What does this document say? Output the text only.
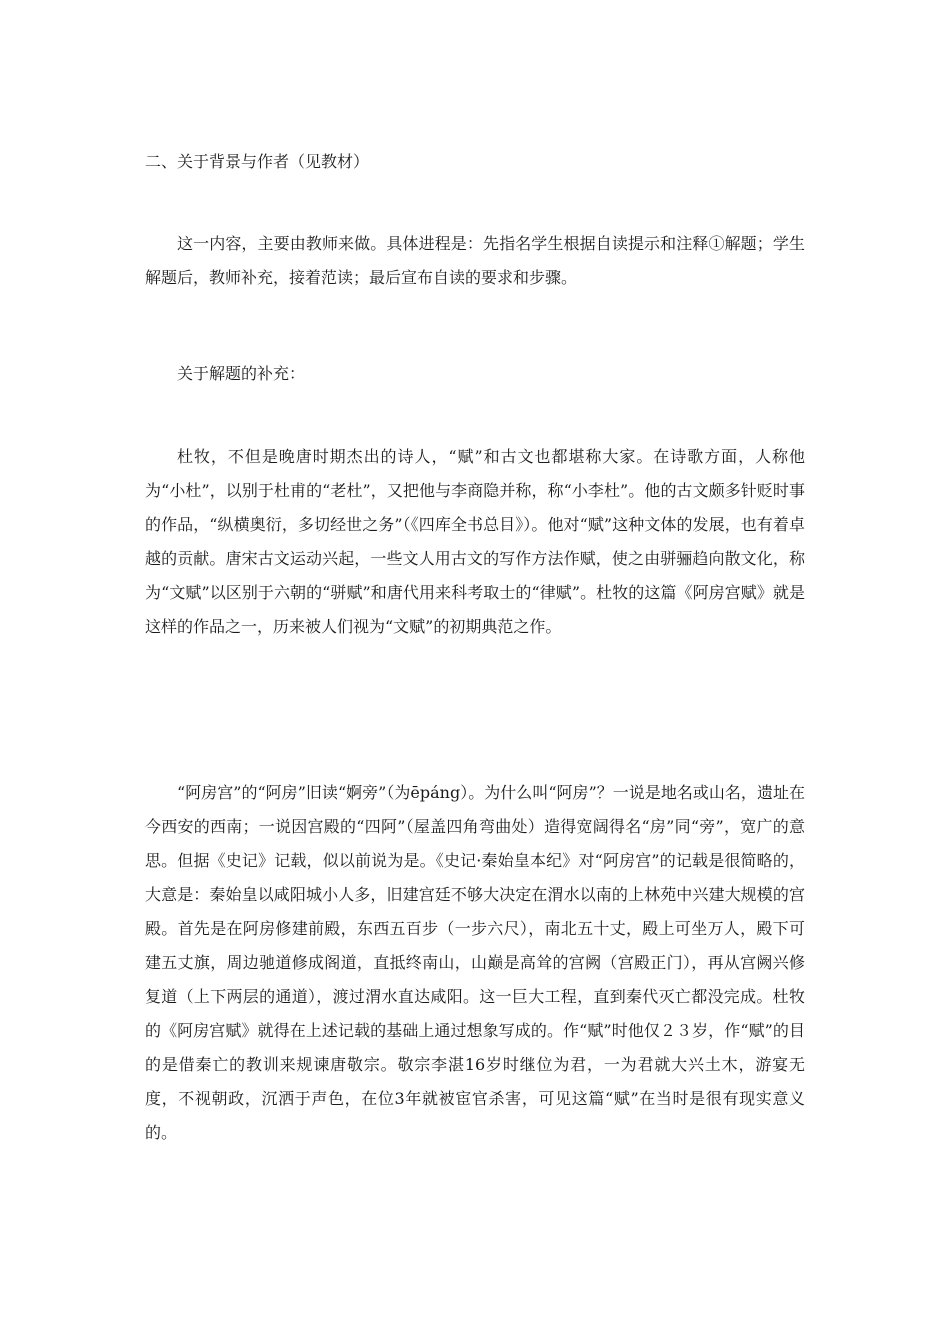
二、关于背景与作者（见教材）

这一内容，主要由教师来做。具体进程是：先指名学生根据自读提示和注释①解题；学生解题后，教师补充，接着范读；最后宣布自读的要求和步骤。

关于解题的补充：

杜牧，不但是晚唐时期杰出的诗人，“赋”和古文也都堪称大家。在诗歌方面，人称他为“小杜”，以别于杜甫的“老杜”，又把他与李商隐并称，称“小李杜”。他的古文颇多针贬时事的作品，“纵横奥衍，多切经世之务”（《四库全书总目》）。他对“赋”这种文体的发展，也有着卓越的贡献。唐宋古文运动兴起，一些文人用古文的写作方法作赋，使之由骈骊趋向散文化，称为“文赋”以区别于六朝的“骈赋”和唐代用来科考取士的“律赋”。杜牧的这篇《阿房宫赋》就是这样的作品之一，历来被人们视为“文赋”的初期典范之作。

“阿房宫”的“阿房”旧读“婀旁”（为ēpáng）。为什么叫“阿房”？一说是地名或山名，遗址在今西安的西南；一说因宫殿的“四阿”（屋盖四角弯曲处）造得宽阔得名“房”同“旁”，宽广的意思。但据《史记》记载，似以前说为是。《史记·秦始皇本纪》对“阿房宫”的记载是很简略的，大意是：秦始皇以咸阳城小人多，旧建宫廷不够大决定在渭水以南的上林苑中兴建大规模的宫殿。首先是在阿房修建前殿，东西五百步（一步六尺），南北五十丈，殿上可坐万人，殿下可建五丈旗，周边驰道修成阁道，直抵终南山，山巅是高耸的宫阙（宫殿正门），再从宫阙兴修复道（上下两层的通道），渡过渭水直达咸阳。这一巨大工程，直到秦代灭亡都没完成。杜牧的《阿房宫赋》就得在上述记载的基础上通过想象写成的。作“赋”时他仅２３岁，作“赋”的目的是借秦亡的教训来规谏唐敬宗。敬宗李湛16岁时继位为君，一为君就大兴土木，游宴无度，不视朝政，沉洒于声色，在位3年就被宦官杀害，可见这篇“赋”在当时是很有现实意义的。
